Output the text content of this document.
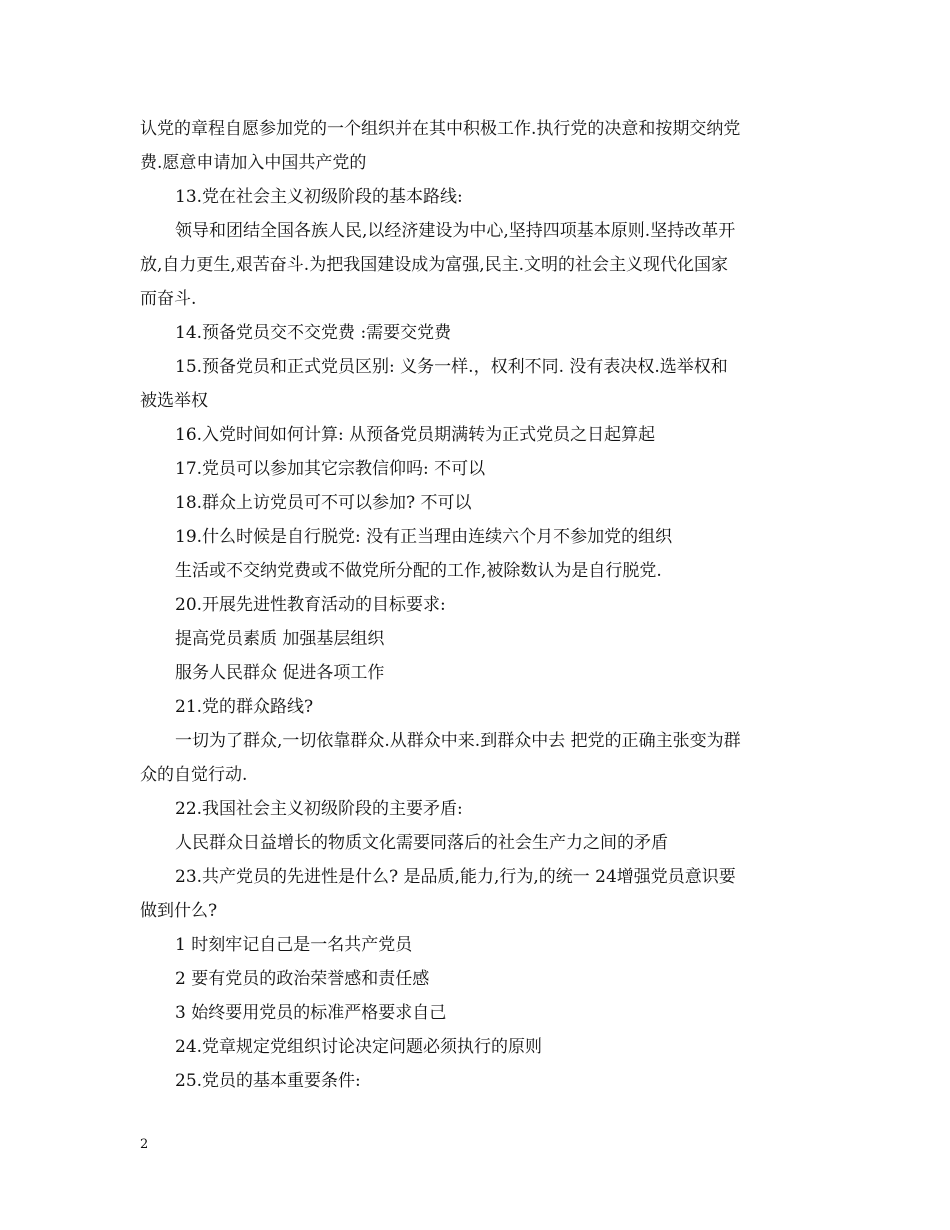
认党的章程自愿参加党的一个组织并在其中积极工作.执行党的决意和按期交纳党

费.愿意申请加入中国共产党的

13.党在社会主义初级阶段的基本路线:

领导和团结全国各族人民,以经济建设为中心,坚持四项基本原则.坚持改革开

放,自力更生,艰苦奋斗.为把我国建设成为富强,民主.文明的社会主义现代化国家

而奋斗.

14.预备党员交不交党费 :需要交党费

15.预备党员和正式党员区别: 义务一样.，权利不同. 没有表决权.选举权和

被选举权

16.入党时间如何计算: 从预备党员期满转为正式党员之日起算起

17.党员可以参加其它宗教信仰吗: 不可以

18.群众上访党员可不可以参加? 不可以

19.什么时候是自行脱党: 没有正当理由连续六个月不参加党的组织

生活或不交纳党费或不做党所分配的工作,被除数认为是自行脱党.

20.开展先进性教育活动的目标要求:

提高党员素质 加强基层组织

服务人民群众 促进各项工作

21.党的群众路线?

一切为了群众,一切依靠群众.从群众中来.到群众中去 把党的正确主张变为群

众的自觉行动.

22.我国社会主义初级阶段的主要矛盾:

人民群众日益增长的物质文化需要同落后的社会生产力之间的矛盾

23.共产党员的先进性是什么? 是品质,能力,行为,的统一 24增强党员意识要

做到什么?

1 时刻牢记自己是一名共产党员

2 要有党员的政治荣誉感和责任感

3 始终要用党员的标准严格要求自己

24.党章规定党组织讨论决定问题必须执行的原则

25.党员的基本重要条件:

2
